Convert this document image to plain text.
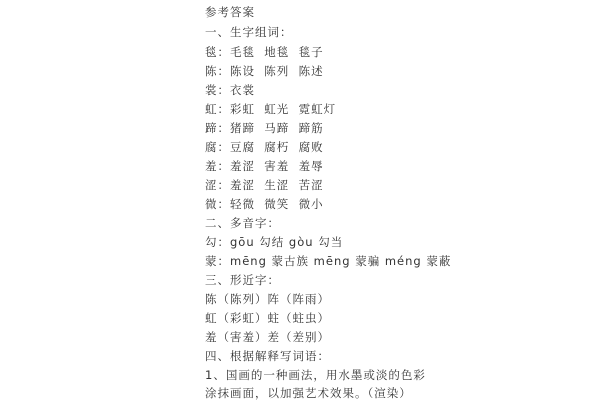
参考答案
一、生字组词：
毯：毛毯  地毯  毯子
陈：陈设  陈列  陈述
裳：衣裳
虹：彩虹  虹光  霓虹灯
蹄：猪蹄  马蹄  蹄筋
腐：豆腐  腐朽  腐败
羞：羞涩  害羞  羞辱
涩：羞涩  生涩  苦涩
微：轻微  微笑  微小
二、多音字：
勾：gōu 勾结 gòu 勾当
蒙：mēng 蒙古族 mēng 蒙骗 méng 蒙蔽
三、形近字：
陈（陈列）阵（阵雨）
虹（彩虹）蛀（蛀虫）
羞（害羞）差（差别）
四、根据解释写词语：
1、国画的一种画法，用水墨或淡的色彩
涂抹画面，以加强艺术效果。（渲染）
